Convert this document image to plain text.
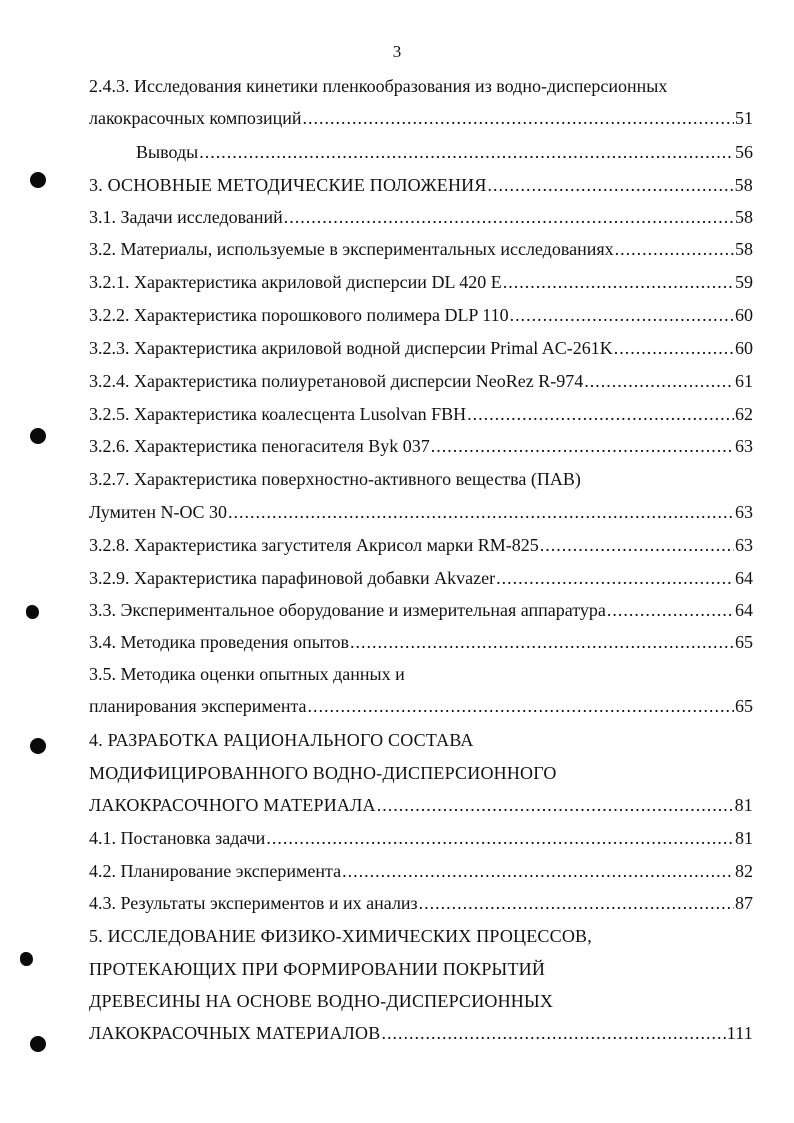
3
2.4.3. Исследования кинетики пленкообразования из водно-дисперсионных
лакокрасочных композиций .....	51
Выводы .....	56
3. ОСНОВНЫЕ МЕТОДИЧЕСКИЕ ПОЛОЖЕНИЯ .....	58
3.1. Задачи исследований .....	58
3.2. Материалы, используемые в экспериментальных исследованиях .....	58
3.2.1. Характеристика акриловой дисперсии DL 420 E .....	59
3.2.2. Характеристика порошкового полимера DLP 110 .....	60
3.2.3. Характеристика акриловой водной дисперсии Primal AC-261K .....	60
3.2.4. Характеристика полиуретановой дисперсии NeoRez R-974 .....	61
3.2.5. Характеристика коалесцента Lusolvan FBH .....	62
3.2.6. Характеристика пеногасителя Byk 037 .....	63
3.2.7. Характеристика поверхностно-активного вещества (ПАВ)
Лумитен N-OC 30 .....	63
3.2.8. Характеристика загустителя Акрисол марки RM-825 .....	63
3.2.9. Характеристика парафиновой добавки Akvazer .....	64
3.3. Экспериментальное оборудование и измерительная аппаратура .....	64
3.4. Методика проведения опытов .....	65
3.5. Методика оценки опытных данных и
планирования эксперимента .....	65
4. РАЗРАБОТКА РАЦИОНАЛЬНОГО СОСТАВА
МОДИФИЦИРОВАННОГО ВОДНО-ДИСПЕРСИОННОГО
ЛАКОКРАСОЧНОГО МАТЕРИАЛА .....	81
4.1. Постановка задачи .....	81
4.2. Планирование эксперимента .....	82
4.3. Результаты экспериментов и их анализ .....	87
5. ИССЛЕДОВАНИЕ ФИЗИКО-ХИМИЧЕСКИХ ПРОЦЕССОВ,
ПРОТЕКАЮЩИХ ПРИ ФОРМИРОВАНИИ ПОКРЫТИЙ
ДРЕВЕСИНЫ НА ОСНОВЕ ВОДНО-ДИСПЕРСИОННЫХ
ЛАКОКРАСОЧНЫХ МАТЕРИАЛОВ .....	111
